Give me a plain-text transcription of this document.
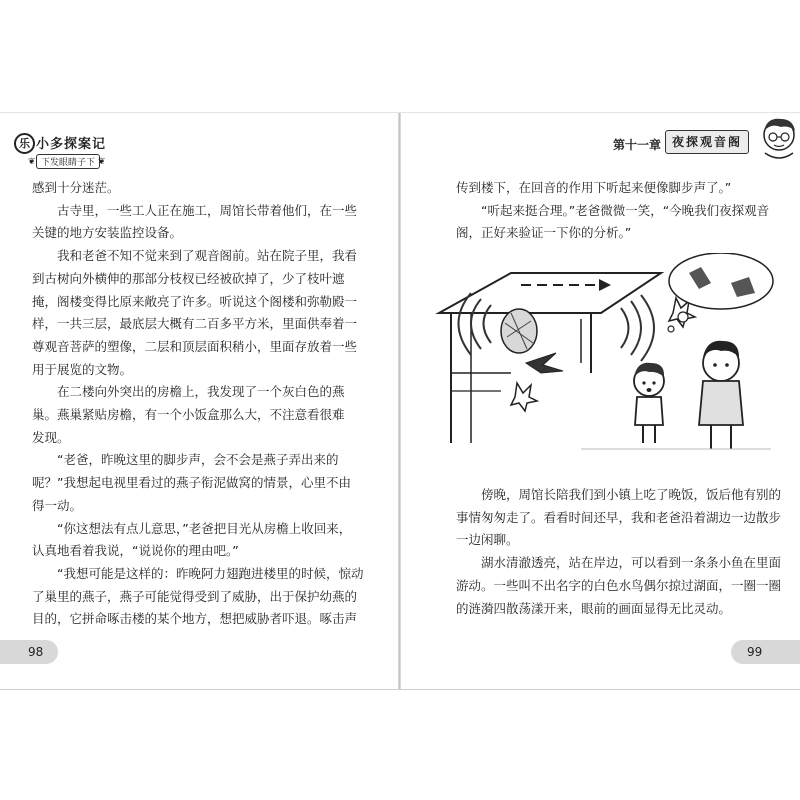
乐 小多探案记
❦ 下发眼睛子下 ❦

感到十分迷茫。

古寺里，一些工人正在施工，周馆长带着他们，在一些

关键的地方安装监控设备。

我和老爸不知不觉来到了观音阁前。站在院子里，我看

到古树向外横伸的那部分枝杈已经被砍掉了，少了枝叶遮

掩，阁楼变得比原来敞亮了许多。听说这个阁楼和弥勒殿一

样，一共三层，最底层大概有二百多平方米，里面供奉着一

尊观音菩萨的塑像，二层和顶层面积稍小，里面存放着一些

用于展览的文物。

在二楼向外突出的房檐上，我发现了一个灰白色的燕

巢。燕巢紧贴房檐，有一个小饭盒那么大，不注意看很难

发现。

“老爸，昨晚这里的脚步声，会不会是燕子弄出来的

呢？”我想起电视里看过的燕子衔泥做窝的情景，心里不由

得一动。

“你这想法有点儿意思，”老爸把目光从房檐上收回来，

认真地看着我说，“说说你的理由吧。”

“我想可能是这样的：昨晚阿力翅跑进楼里的时候，惊动

了巢里的燕子，燕子可能觉得受到了威胁，出于保护幼燕的

目的，它拼命啄击楼的某个地方，想把威胁者吓退。啄击声

98
第十一章 夜探观音阁

传到楼下，在回音的作用下听起来便像脚步声了。”

“听起来挺合理。”老爸微微一笑，“今晚我们夜探观音

阁，正好来验证一下你的分析。”

傍晚，周馆长陪我们到小镇上吃了晚饭，饭后他有别的

事情匆匆走了。看看时间还早，我和老爸沿着湖边一边散步

一边闲聊。

湖水清澈透亮，站在岸边，可以看到一条条小鱼在里面

游动。一些叫不出名字的白色水鸟偶尔掠过湖面，一圈一圈

的涟漪四散荡漾开来，眼前的画面显得无比灵动。

99
